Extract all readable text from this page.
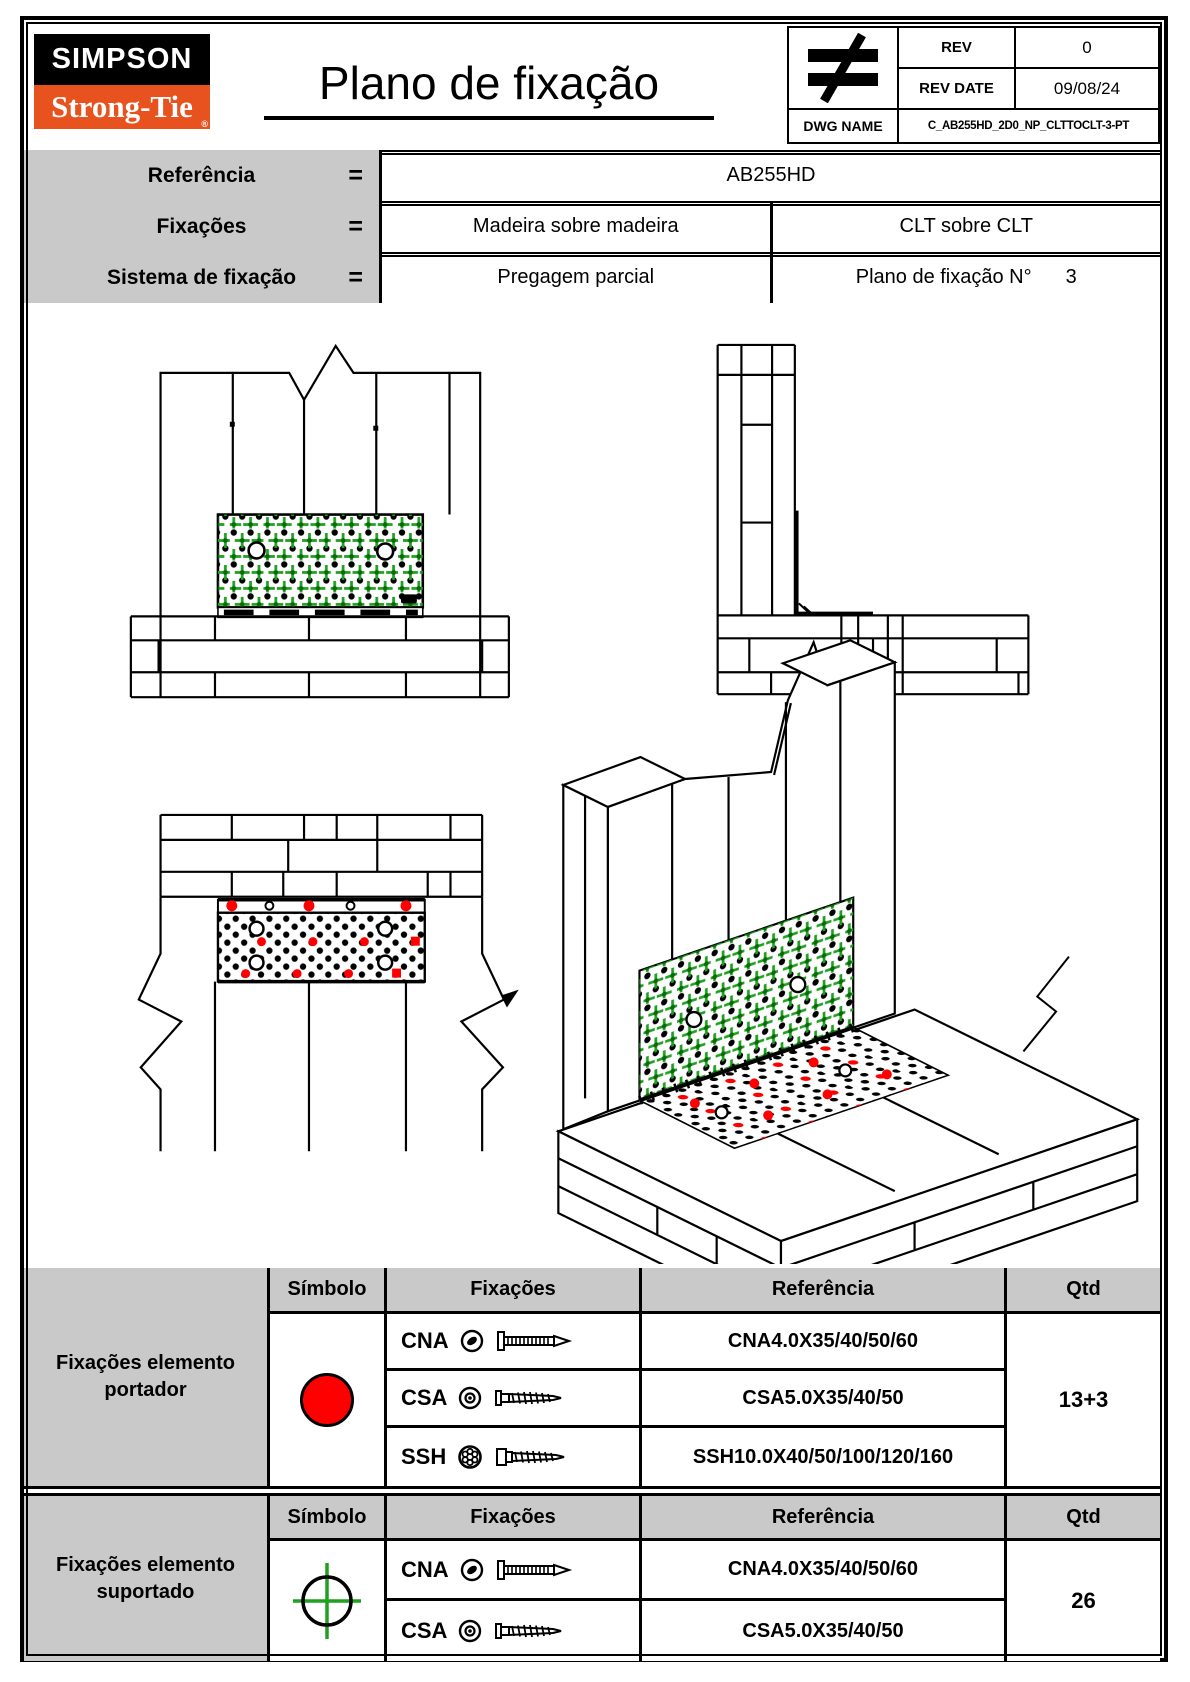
SIMPSON
Strong-Tie ®
Plano de fixação
REV	0
REV DATE	09/08/24
DWG NAME	C_AB255HD_2D0_NP_CLTTOCLT-3-PT
Referência	=	AB255HD
Fixações	=	Madeira sobre madeira	CLT sobre CLT
Sistema de fixação =	Pregagem parcial	Plano de fixação N° 3
Fixações elemento portador
Símbolo	Fixações	Referência	Qtd
CNA	CNA4.0X35/40/50/60
CSA	CSA5.0X35/40/50
SSH	SSH10.0X40/50/100/120/160
13+3
Fixações elemento suportado
Símbolo	Fixações	Referência	Qtd
CNA	CNA4.0X35/40/50/60
CSA	CSA5.0X35/40/50
26
